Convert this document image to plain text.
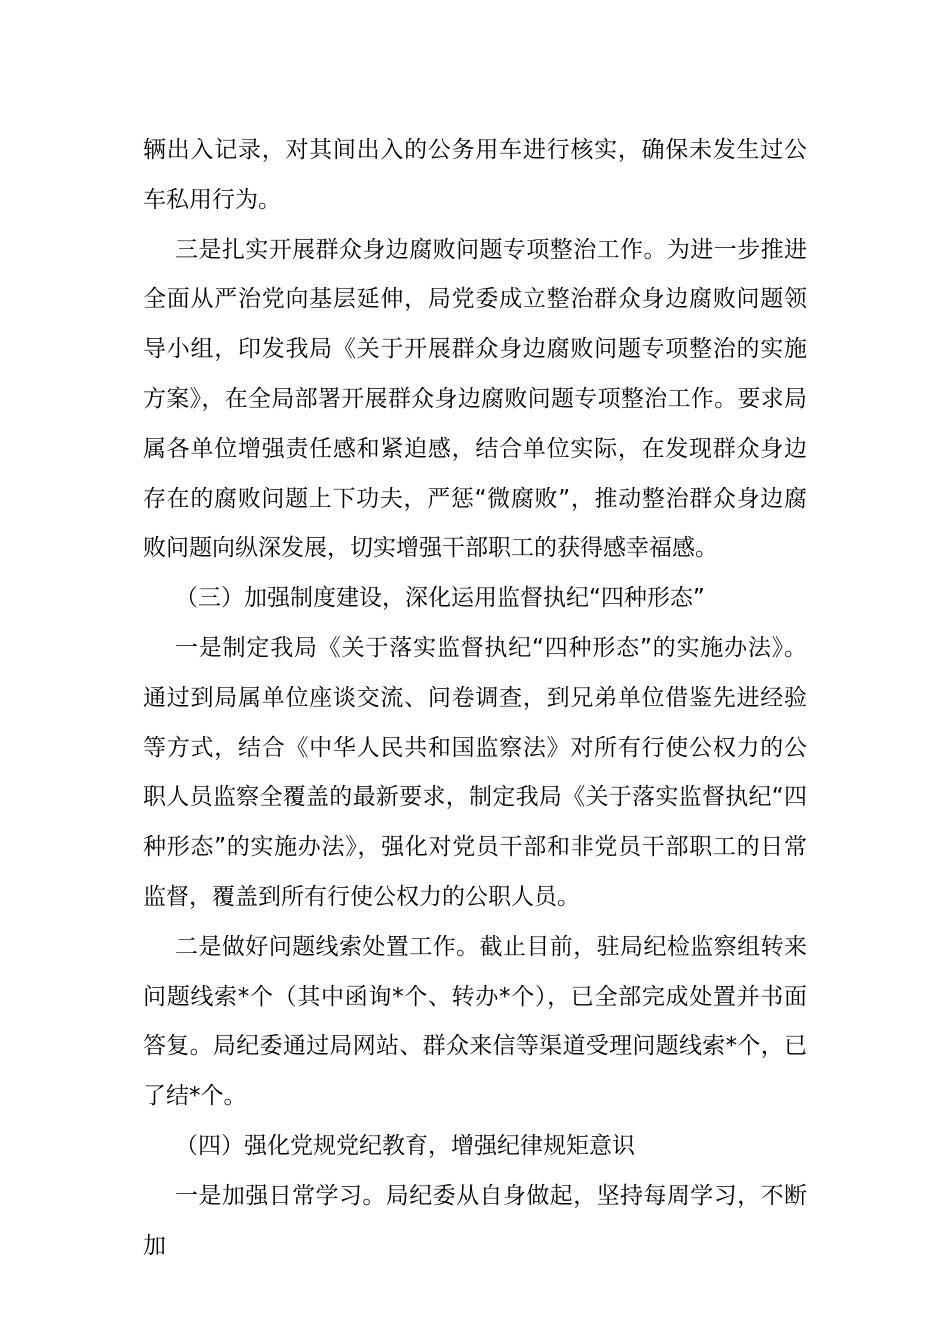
辆出入记录，对其间出入的公务用车进行核实，确保未发生过公车私用行为。

三是扎实开展群众身边腐败问题专项整治工作。为进一步推进全面从严治党向基层延伸，局党委成立整治群众身边腐败问题领导小组，印发我局《关于开展群众身边腐败问题专项整治的实施方案》，在全局部署开展群众身边腐败问题专项整治工作。要求局属各单位增强责任感和紧迫感，结合单位实际，在发现群众身边存在的腐败问题上下功夫，严惩“微腐败”，推动整治群众身边腐败问题向纵深发展，切实增强干部职工的获得感幸福感。

（三）加强制度建设，深化运用监督执纪“四种形态”

一是制定我局《关于落实监督执纪“四种形态”的实施办法》。通过到局属单位座谈交流、问卷调查，到兄弟单位借鉴先进经验等方式，结合《中华人民共和国监察法》对所有行使公权力的公职人员监察全覆盖的最新要求，制定我局《关于落实监督执纪“四种形态”的实施办法》，强化对党员干部和非党员干部职工的日常监督，覆盖到所有行使公权力的公职人员。

二是做好问题线索处置工作。截止目前，驻局纪检监察组转来问题线索*个（其中函询*个、转办*个），已全部完成处置并书面答复。局纪委通过局网站、群众来信等渠道受理问题线索*个，已了结*个。

（四）强化党规党纪教育，增强纪律规矩意识

一是加强日常学习。局纪委从自身做起，坚持每周学习，不断加
